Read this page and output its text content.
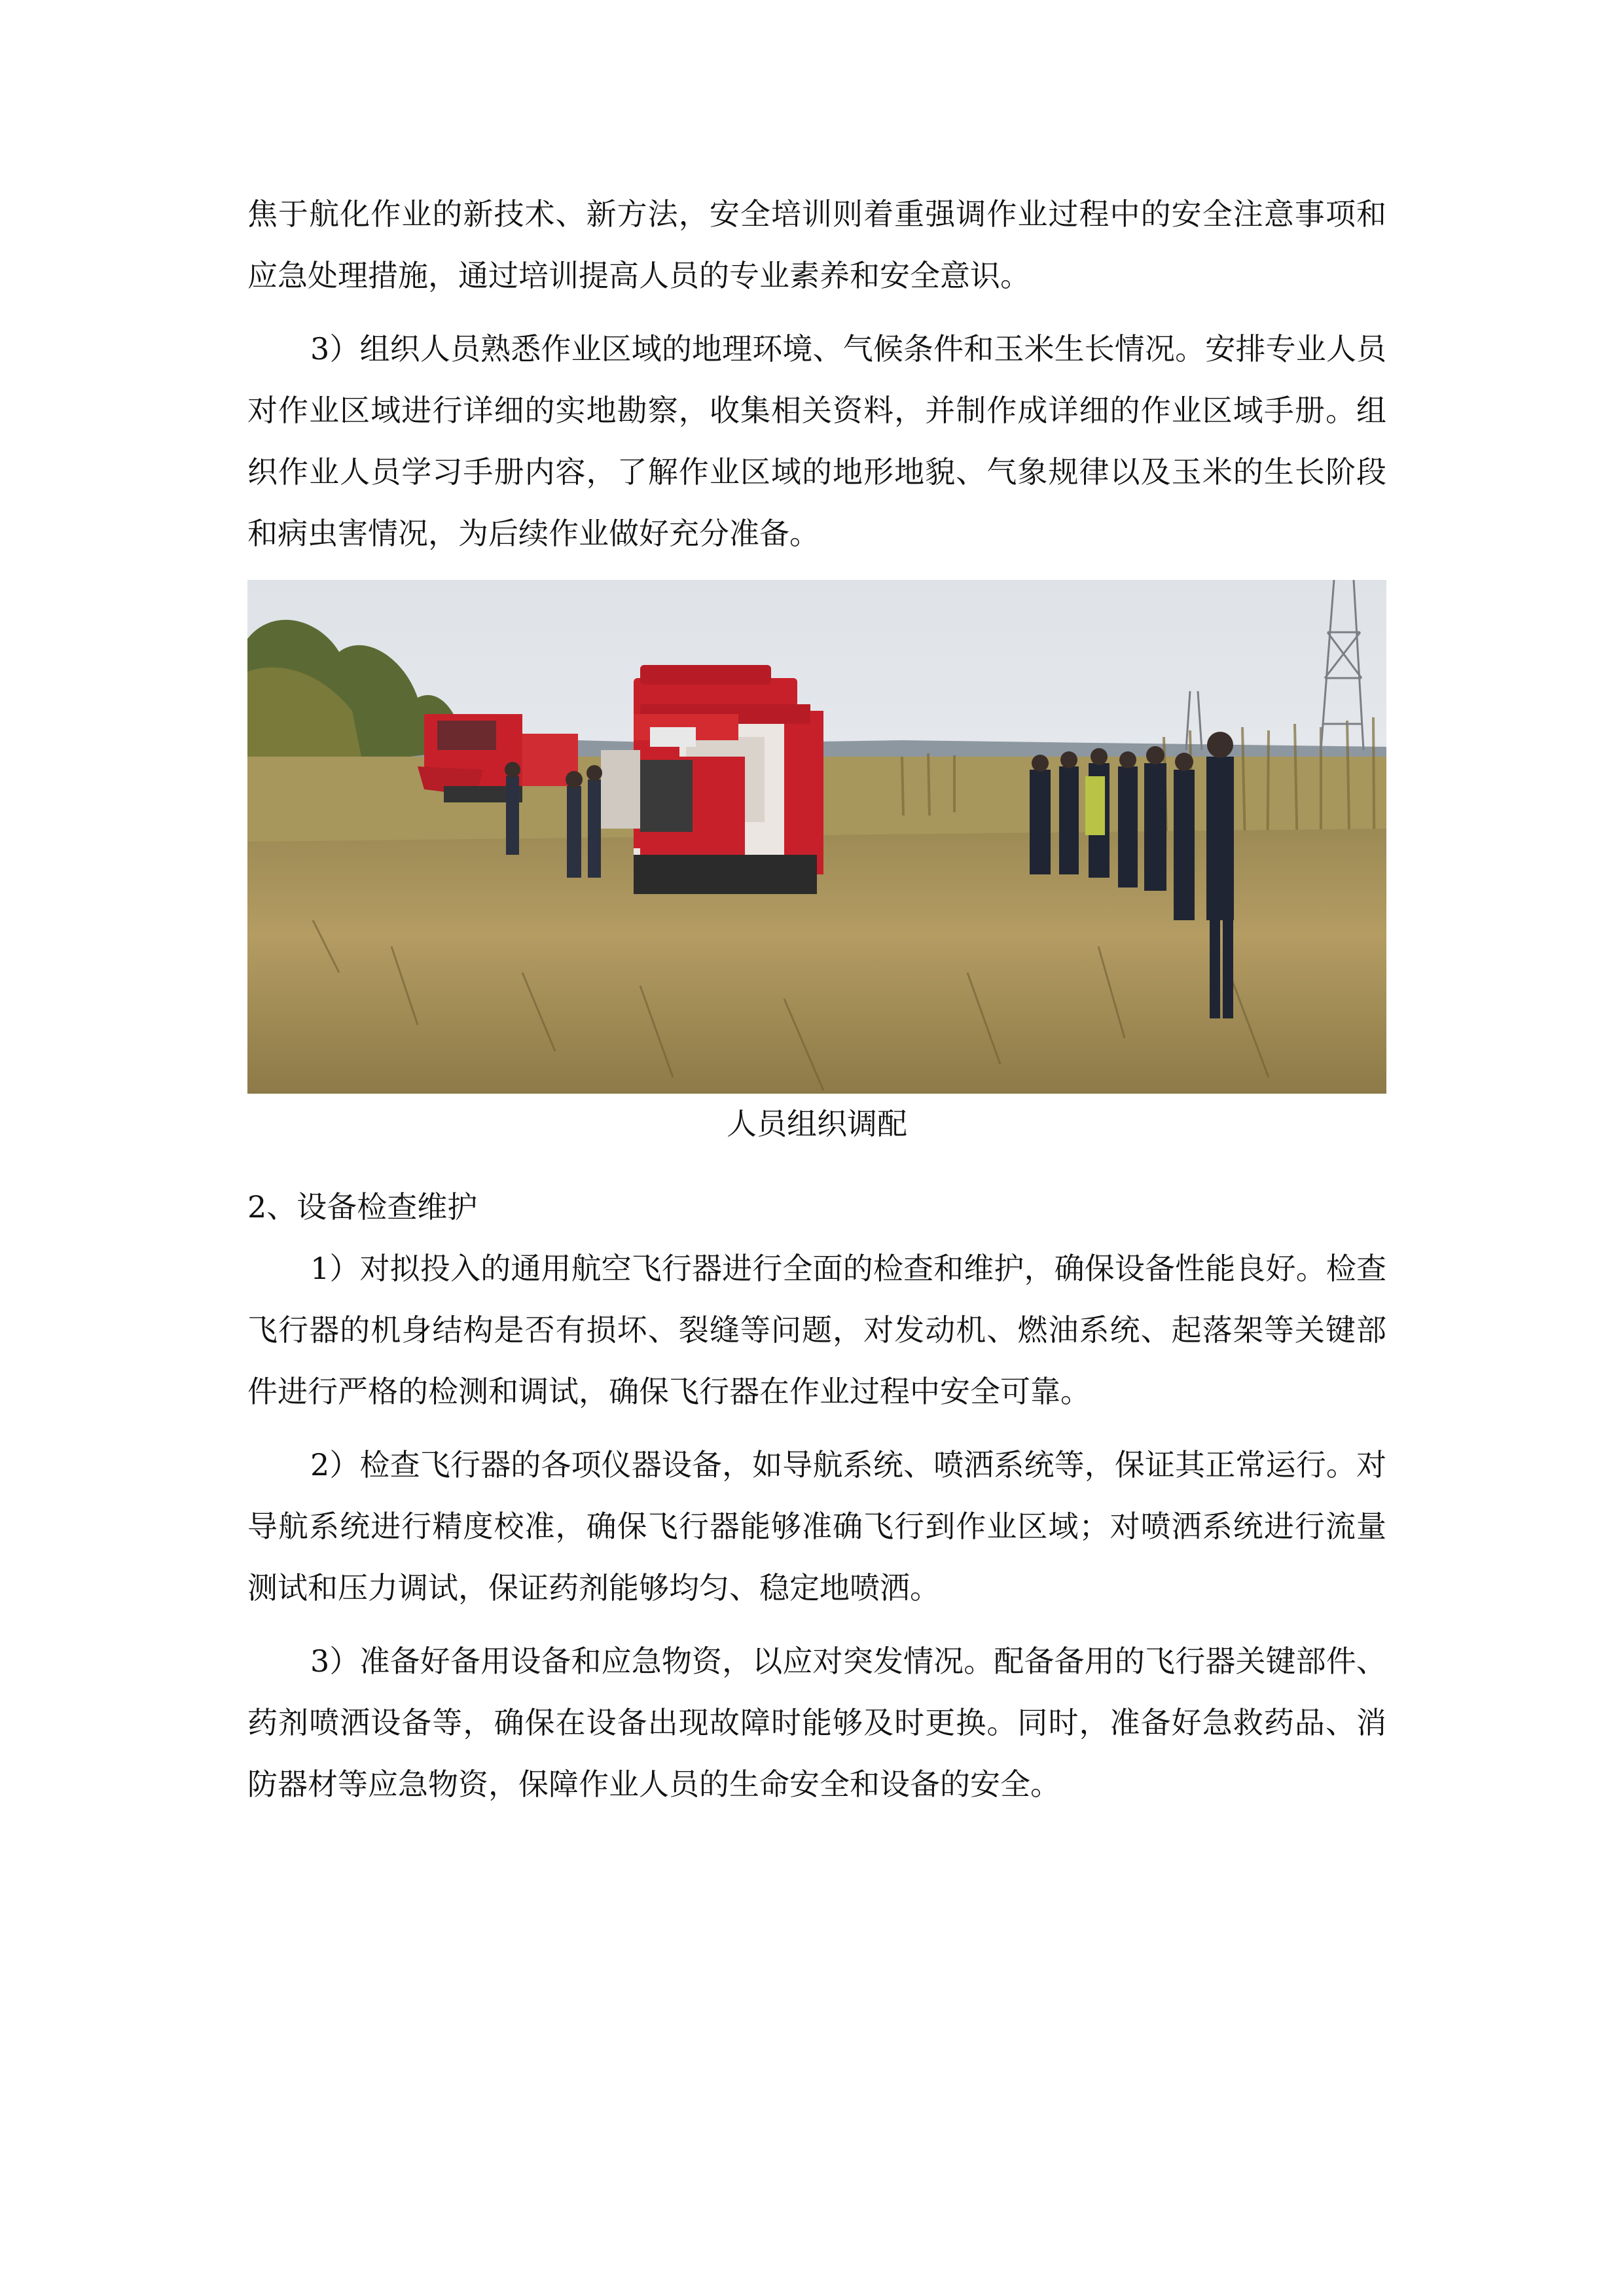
焦于航化作业的新技术、新方法，安全培训则着重强调作业过程中的安全注意事项和应急处理措施，通过培训提高人员的专业素养和安全意识。

3）组织人员熟悉作业区域的地理环境、气候条件和玉米生长情况。安排专业人员对作业区域进行详细的实地勘察，收集相关资料，并制作成详细的作业区域手册。组织作业人员学习手册内容，了解作业区域的地形地貌、气象规律以及玉米的生长阶段和病虫害情况，为后续作业做好充分准备。

人员组织调配

2、设备检查维护

1）对拟投入的通用航空飞行器进行全面的检查和维护，确保设备性能良好。检查飞行器的机身结构是否有损坏、裂缝等问题，对发动机、燃油系统、起落架等关键部件进行严格的检测和调试，确保飞行器在作业过程中安全可靠。

2）检查飞行器的各项仪器设备，如导航系统、喷洒系统等，保证其正常运行。对导航系统进行精度校准，确保飞行器能够准确飞行到作业区域；对喷洒系统进行流量测试和压力调试，保证药剂能够均匀、稳定地喷洒。

3）准备好备用设备和应急物资，以应对突发情况。配备备用的飞行器关键部件、药剂喷洒设备等，确保在设备出现故障时能够及时更换。同时，准备好急救药品、消防器材等应急物资，保障作业人员的生命安全和设备的安全。
